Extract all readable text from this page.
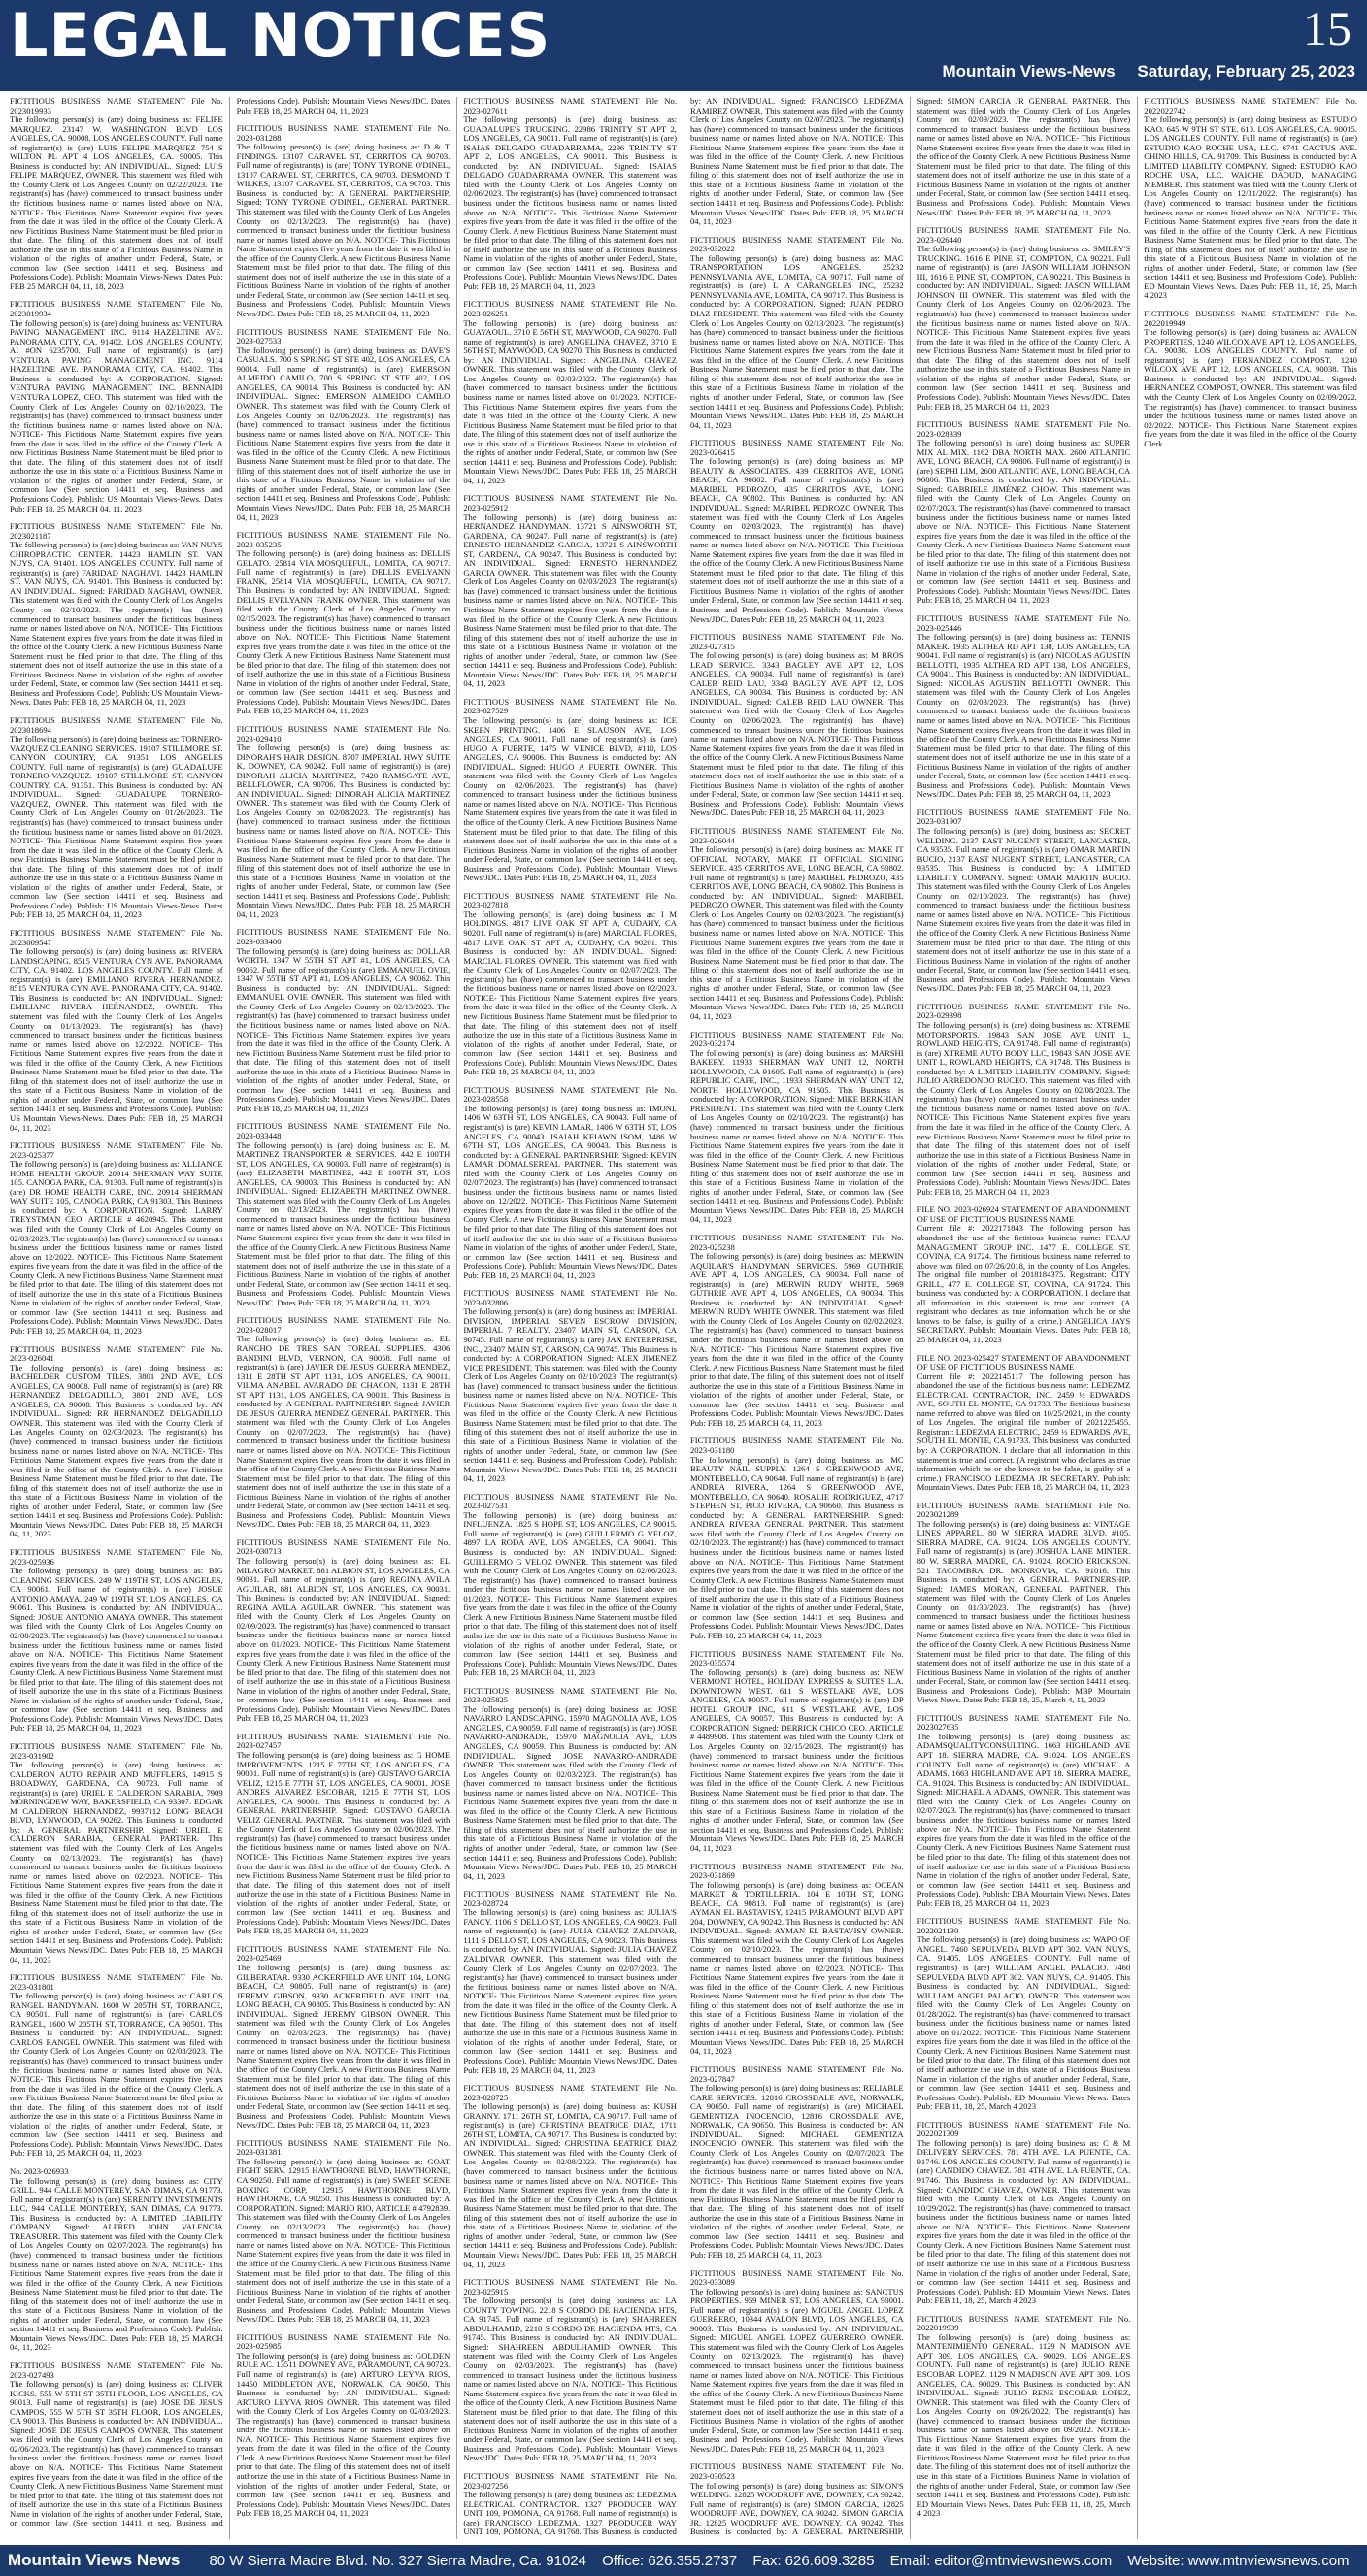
LEGAL NOTICES	15
Mountain Views-News Saturday, February 25, 2023

FICTITIOUS BUSINESS NAME STATEMENT File No. 2023019933

The following person(s) is (are) doing business as: FELIPE MARQUEZ. 23147 W. WASHINGTON BLVD LOS ANGELES, CA. 90008. LOS ANGELES COUNTY. Full name of registrant(s) is (are) LUIS FELIPE MARQUEZ 754 S WILTON PL APT 4 LOS ANGELES, CA. 90005. This Business is conducted by: AN INDIVIDUAL. Signed: LUIS FELIPE MARQUEZ, OWNER. This statement was filed with the County Clerk of Los Angeles County on 02/22/2023. The registrant(s) has (have) commenced to transact business under the fictitious business name or names listed above on N/A. NOTICE- This Fictitious Name Statement expires five years from the date it was filed in the office of the County Clerk. A new Fictitious Business Name Statement must be filed prior to that date. The filing of this statement does not of itself authorize the use in this state of a Fictitious Business Name in violation of the rights of another under Federal, State, or common law (See section 14411 et seq. Business and Professions Code). Publish: Mountain Views-News. Dates Pub: FEB 25 MARCH 04, 11, 18, 2023

FICTITIOUS BUSINESS NAME STATEMENT File No. 2023019934

The following person(s) is (are) doing business as: VENTURA PAVING MANAGEMENT INC. 9114 HAZELTINE AVE. PANORAMA CITY, CA. 91402. LOS ANGELES COUNTY. AI #ON 6235700. Full name of registrant(s) is (are) VENTURA PAVING MANAGEMENT INC. 9114 HAZELTINE AVE. PANORAMA CITY, CA. 91402. This Business is conducted by: A CORPORATION. Signed: VENTURA PAVING MANAGEMENT INC. BENNAIDI VENTURA LOPEZ, CEO. This statement was filed with the County Clerk of Los Angeles County on 02/10/2023. The registrant(s) has (have) commenced to transact business under the fictitious business name or names listed above on N/A. NOTICE- This Fictitious Name Statement expires five years from the date it was filed in the office of the County Clerk. A new Fictitious Business Name Statement must be filed prior to that date. The filing of this statement does not of itself authorize the use in this state of a Fictitious Business Name in violation of the rights of another under Federal, State, or common law (See section 14411 et seq. Business and Professions Code). Publish: US Mountain Views-News. Dates Pub: FEB 18, 25 MARCH 04, 11, 2023

FICTITIOUS BUSINESS NAME STATEMENT File No. 2023021187

The following person(s) is (are) doing business as: VAN NUYS CHIROPRACTIC CENTER. 14423 HAMLIN ST. VAN NUYS, CA. 91401. LOS ANGELES COUNTY. Full name of registrant(s) is (are) FARIDAD NAGHAVI. 14423 HAMLIN ST. VAN NUYS, CA. 91401. This Business is conducted by: AN INDIVIDUAL. Signed: FARIDAD NAGHAVI, OWNER. This statement was filed with the County Clerk of Los Angeles County on 02/10/2023. The registrant(s) has (have) commenced to transact business under the fictitious business name or names listed above on N/A. NOTICE- This Fictitious Name Statement expires five years from the date it was filed in the office of the County Clerk. A new Fictitious Business Name Statement must be filed prior to that date. The filing of this statement does not of itself authorize the use in this state of a Fictitious Business Name in violation of the rights of another under Federal, State, or common law (See section 14411 et seq. Business and Professions Code). Publish: US Mountain Views-News. Dates Pub: FEB 18, 25 MARCH 04, 11, 2023

FICTITIOUS BUSINESS NAME STATEMENT File No. 2023018694

The following person(s) is (are) doing business as: TORNERO-VAZQUEZ CLEANING SERVICES. 19107 STILLMORE ST. CANYON COUNTRY, CA. 91351. LOS ANGELES COUNTY. Full name of registrant(s) is (are) GUADALUPE TORNERO-VAZQUEZ. 19107 STILLMORE ST. CANYON COUNTRY, CA. 91351. This Business is conducted by: AN INDIVIDUAL. Signed: GUADALUPE TORNERO-VAZQUEZ, OWNER. This statement was filed with the County Clerk of Los Angeles County on 01/26/2023. The registrant(s) has (have) commenced to transact business under the fictitious business name or names listed above on 01/2023. NOTICE- This Fictitious Name Statement expires five years from the date it was filed in the office of the County Clerk. A new Fictitious Business Name Statement must be filed prior to that date. The filing of this statement does not of itself authorize the use in this state of a Fictitious Business Name in violation of the rights of another under Federal, State, or common law (See section 14411 et seq. Business and Professions Code). Publish: US Mountain Views-News. Dates Pub: FEB 18, 25 MARCH 04, 11, 2023

FICTITIOUS BUSINESS NAME STATEMENT File No. 2023009547

The following person(s) is (are) doing business as: RIVERA LANDSCAPING. 8515 VENTURA CYN AVE. PANORAMA CITY, CA. 91402. LOS ANGELES COUNTY. Full name of registrant(s) is (are) EMILIANO RIVERA HERNANDEZ. 8515 VENTURA CYN AVE. PANORAMA CITY, CA. 91402. This Business is conducted by: AN INDIVIDUAL. Signed: EMILIANO RIVERA HERNANDEZ, OWNER. This statement was filed with the County Clerk of Los Angeles County on 01/13/2023. The registrant(s) has (have) commenced to transact business under the fictitious business name or names listed above on 12/2022. NOTICE- This Fictitious Name Statement expires five years from the date it was filed in the office of the County Clerk. A new Fictitious Business Name Statement must be filed prior to that date. The filing of this statement does not of itself authorize the use in this state of a Fictitious Business Name in violation of the rights of another under Federal, State, or common law (See section 14411 et seq. Business and Professions Code). Publish: US Mountain Views-News. Dates Pub: FEB 18, 25 MARCH 04, 11, 2023

FICTITIOUS BUSINESS NAME STATEMENT File No. 2023-025377

The following person(s) is (are) doing business as: ALLIANCE HOME HEALTH GROUP. 20914 SHERMAN WAY SUITE 105. CANOGA PARK, CA. 91303. Full name of registrant(s) is (are) DR HOME HEALTH CARE, INC. 20914 SHERMAN WAY SUITE 105, CANOGA PARK, CA 91303. This Business is conducted by: A CORPORATION. Signed: LARRY TREYSTMAN CEO. ARTICLE # 4620945. This statement was filed with the County Clerk of Los Angeles County on 02/03/2023. The registrant(s) has (have) commenced to transact business under the fictitious business name or names listed above on 12/2022. NOTICE- This Fictitious Name Statement expires five years from the date it was filed in the office of the County Clerk. A new Fictitious Business Name Statement must be filed prior to that date. The filing of this statement does not of itself authorize the use in this state of a Fictitious Business Name in violation of the rights of another under Federal, State, or common law (See section 14411 et seq. Business and Professions Code). Publish: Mountain Views News/JDC. Dates Pub: FEB 18, 25 MARCH 04, 11, 2023

FICTITIOUS BUSINESS NAME STATEMENT File No. 2023-026041

The following person(s) is (are) doing business as: BACHELDER CUSTOM TILES. 3801 2ND AVE, LOS ANGELES, CA 90008. Full name of registrant(s) is (are) RR HERNANDEZ DELGADILLO, 3801 2ND AVE, LOS ANGELES, CA 90008. This Business is conducted by: AN INDIVIDUAL. Signed: RR HERNANDEZ DELGADILLO OWNER. This statement was filed with the County Clerk of Los Angeles County on 02/03/2023. The registrant(s) has (have) commenced to transact business under the fictitious business name or names listed above on N/A. NOTICE- This Fictitious Name Statement expires five years from the date it was filed in the office of the County Clerk. A new Fictitious Business Name Statement must be filed prior to that date. The filing of this statement does not of itself authorize the use in this state of a Fictitious Business Name in violation of the rights of another under Federal, State, or common law (See section 14411 et seq. Business and Professions Code). Publish: Mountain Views News/JDC. Dates Pub: FEB 18, 25 MARCH 04, 11, 2023

FICTITIOUS BUSINESS NAME STATEMENT File No. 2023-025936

The following person(s) is (are) doing business as: BIG CLEANING SERVICES. 249 W 119TH ST, LOS ANGELES, CA 90061. Full name of registrant(s) is (are) JOSUE ANTONIO AMAYA, 249 W 119TH ST, LOS ANGELES, CA 90061. This Business is conducted by: AN INDIVIDUAL. Signed: JOSUE ANTONIO AMAYA OWNER. This statement was filed with the County Clerk of Los Angeles County on 02/08/2023. The registrant(s) has (have) commenced to transact business under the fictitious business name or names listed above on N/A. NOTICE- This Fictitious Name Statement expires five years from the date it was filed in the office of the County Clerk. A new Fictitious Business Name Statement must be filed prior to that date. The filing of this statement does not of itself authorize the use in this state of a Fictitious Business Name in violation of the rights of another under Federal, State, or common law (See section 14411 et seq. Business and Professions Code). Publish: Mountain Views News/JDC. Dates Pub: FEB 18, 25 MARCH 04, 11, 2023

FICTITIOUS BUSINESS NAME STATEMENT File No. 2023-031902

The following person(s) is (are) doing business as: CALDERON AUTO REPAIR AND MUFFLERS, 14915 S BROADWAY, GARDENA, CA 90723. Full name of registrant(s) is (are) URIEL E CALDERON SARABIA, 7909 MORNINGDEW WAY, BAKERSFIELD, CA 93307. EDGAR M CALDERON HERNANDEZ, 9937112 LONG BEACH BLVD, LYNWOOD, CA 90262. This Business is conducted by: A GENERAL PARTNERSHIP. Signed: URIEL E CALDERON SARABIA, GENERAL PARTNER. This statement was filed with the County Clerk of Los Angeles County on 02/13/2023. The registrant(s) has (have) commenced to transact business under the fictitious business name or names listed above on 02/2023. NOTICE- This Fictitious Name Statement expires five years from the date it was filed in the office of the County Clerk. A new Fictitious Business Name Statement must be filed prior to that date. The filing of this statement does not of itself authorize the use in this state of a Fictitious Business Name in violation of the rights of another under Federal, State, or common law (See section 14411 et seq. Business and Professions Code). Publish: Mountain Views News/JDC. Dates Pub: FEB 18, 25 MARCH 04, 11, 2023

FICTITIOUS BUSINESS NAME STATEMENT File No. 2023-031801

The following person(s) is (are) doing business as: CARLOS RANGEL HANDYMAN. 1600 W 205TH ST, TORRANCE, CA 90501. Full name of registrant(s) is (are) CARLOS RANGEL, 1600 W 205TH ST, TORRANCE, CA 90501. This Business is conducted by: AN INDIVIDUAL. Signed: CARLOS RANGEL OWNER. This statement was filed with the County Clerk of Los Angeles County on 02/08/2023. The registrant(s) has (have) commenced to transact business under the fictitious business name or names listed above on N/A. NOTICE- This Fictitious Name Statement expires five years from the date it was filed in the office of the County Clerk. A new Fictitious Business Name Statement must be filed prior to that date. The filing of this statement does not of itself authorize the use in this state of a Fictitious Business Name in violation of the rights of another under Federal, State, or common law (See section 14411 et seq. Business and Professions Code). Publish: Mountain Views News/JDC. Dates Pub: FEB 18, 25 MARCH 04, 11, 2023

No. 2023-026933

The following person(s) is (are) doing business as: CITY GRILL. 944 CALLE MONTEREY, SAN DIMAS, CA 91773. Full name of registrant(s) is (are) SERENITY INVESTMENTS LLC, 944 CALLE MONTEREY, SAN DIMAS, CA 91773. This Business is conducted by: A LIMITED LIABILITY COMPANY. Signed: ALFRED JOHN VALENCIA TREASURER. This statement was filed with the County Clerk of Los Angeles County on 02/07/2023. The registrant(s) has (have) commenced to transact business under the fictitious business name or names listed above on N/A. NOTICE- This Fictitious Name Statement expires five years from the date it was filed in the office of the County Clerk. A new Fictitious Business Name Statement must be filed prior to that date. The filing of this statement does not of itself authorize the use in this state of a Fictitious Business Name in violation of the rights of another under Federal, State, or common law (See section 14411 et seq. Business and Professions Code). Publish: Mountain Views News/JDC. Dates Pub: FEB 18, 25 MARCH 04, 11, 2023

FICTITIOUS BUSINESS NAME STATEMENT File No. 2023-027493

The following person(s) is (are) doing business as: CLIVER KICKS. 555 W 5TH ST 35TH FLOOR, LOS ANGELES, CA 90013. Full name of registrant(s) is (are) JOSE DE JESUS CAMPOS, 555 W 5TH ST 35TH FLOOR, LOS ANGELES, CA 90013. This Business is conducted by: AN INDIVIDUAL. Signed: JOSE DE JESUS CAMPOS OWNER. This statement was filed with the County Clerk of Los Angeles County on 02/06/2023. The registrant(s) has (have) commenced to transact business under the fictitious business name or names listed above on N/A. NOTICE- This Fictitious Name Statement expires five years from the date it was filed in the office of the County Clerk. A new Fictitious Business Name Statement must be filed prior to that date. The filing of this statement does not of itself authorize the use in this state of a Fictitious Business Name in violation of the rights of another under Federal, State, or common law (See section 14411 et seq. Business and Professions Code). Publish: Mountain Views News/JDC. Dates Pub: FEB 18, 25 MARCH 04, 11, 2023

FICTITIOUS BUSINESS NAME STATEMENT File No. 2023-031288

The following person(s) is (are) doing business as: D & T FINDINGS. 13107 CARAVEL ST, CERRITOS CA 90703. Full name of registrant(s) is (are) TONY TYRONE O'DINEL, 13107 CARAVEL ST, CERRITOS, CA 90703. DESMOND T WILKES, 13107 CARAVEL ST, CERRITOS, CA 90703. This Business is conducted by: A GENERAL PARTNERSHIP. Signed: TONY TYRONE O'DINEL, GENERAL PARTNER. This statement was filed with the County Clerk of Los Angeles County on 02/13/2023. The registrant(s) has (have) commenced to transact business under the fictitious business name or names listed above on N/A. NOTICE- This Fictitious Name Statement expires five years from the date it was filed in the office of the County Clerk. A new Fictitious Business Name Statement must be filed prior to that date. The filing of this statement does not of itself authorize the use in this state of a Fictitious Business Name in violation of the rights of another under Federal, State, or common law (See section 14411 et seq. Business and Professions Code). Publish: Mountain Views News/JDC. Dates Pub: FEB 18, 25 MARCH 04, 11, 2023

FICTITIOUS BUSINESS NAME STATEMENT File No. 2023-027533

The following person(s) is (are) doing business as: DAVE'S CASUALS. 700 S SPRING ST STE 402, LOS ANGELES, CA 90014. Full name of registrant(s) is (are) EMERSON ALMEIDO CAMILO, 700 S SPRING ST STE 402, LOS ANGELES, CA 90014. This Business is conducted by: AN INDIVIDUAL. Signed: EMERSON ALMEIDO CAMILO OWNER. This statement was filed with the County Clerk of Los Angeles County on 02/06/2023. The registrant(s) has (have) commenced to transact business under the fictitious business name or names listed above on N/A. NOTICE- This Fictitious Name Statement expires five years from the date it was filed in the office of the County Clerk. A new Fictitious Business Name Statement must be filed prior to that date. The filing of this statement does not of itself authorize the use in this state of a Fictitious Business Name in violation of the rights of another under Federal, State, or common law (See section 14411 et seq. Business and Professions Code). Publish: Mountain Views News/JDC. Dates Pub: FEB 18, 25 MARCH 04, 11, 2023

FICTITIOUS BUSINESS NAME STATEMENT File No. 2023-035235

The following person(s) is (are) doing business as: DELLIS GELATO. 25814 VIA MOSQUEFUL, LOMITA, CA 90717. Full name of registrant(s) is (are) DELLIS EVELYANN FRANK, 25814 VIA MOSQUEFUL, LOMITA, CA 90717. This Business is conducted by: AN INDIVIDUAL. Signed: DELLIS EVELYANN FRANK OWNER. This statement was filed with the County Clerk of Los Angeles County on 02/15/2023. The registrant(s) has (have) commenced to transact business under the fictitious business name or names listed above on N/A. NOTICE- This Fictitious Name Statement expires five years from the date it was filed in the office of the County Clerk. A new Fictitious Business Name Statement must be filed prior to that date. The filing of this statement does not of itself authorize the use in this state of a Fictitious Business Name in violation of the rights of another under Federal, State, or common law (See section 14411 et seq. Business and Professions Code). Publish: Mountain Views News/JDC. Dates Pub: FEB 18, 25 MARCH 04, 11, 2023

FICTITIOUS BUSINESS NAME STATEMENT File No. 2023-029410

The following person(s) is (are) doing business as: DINORAH'S HAIR DESIGN. 8707 IMPERIAL HWY SUITE K, DOWNEY, CA 90242. Full name of registrant(s) is (are) DINORAH ALICIA MARTINEZ, 7420 RAMSGATE AVE, BELLFLOWER, CA 90706. This Business is conducted by: AN INDIVIDUAL. Signed: DINORAH ALICIA MARTINEZ OWNER. This statement was filed with the County Clerk of Los Angeles County on 02/08/2023. The registrant(s) has (have) commenced to transact business under the fictitious business name or names listed above on N/A. NOTICE- This Fictitious Name Statement expires five years from the date it was filed in the office of the County Clerk. A new Fictitious Business Name Statement must be filed prior to that date. The filing of this statement does not of itself authorize the use in this state of a Fictitious Business Name in violation of the rights of another under Federal, State, or common law (See section 14411 et seq. Business and Professions Code). Publish: Mountain Views News/JDC. Dates Pub: FEB 18, 25 MARCH 04, 11, 2023

FICTITIOUS BUSINESS NAME STATEMENT File No. 2023-033400

The following person(s) is (are) doing business as: DOLLAR WORTH. 1347 W 55TH ST APT #1, LOS ANGELES, CA 90062. Full name of registrant(s) is (are) EMMANUEL OVIE, 1347 W 55TH ST APT #1, LOS ANGELES, CA 90062. This Business is conducted by: AN INDIVIDUAL. Signed: EMMANUEL OVIE OWNER. This statement was filed with the County Clerk of Los Angeles County on 02/13/2023. The registrant(s) has (have) commenced to transact business under the fictitious business name or names listed above on N/A. NOTICE- This Fictitious Name Statement expires five years from the date it was filed in the office of the County Clerk. A new Fictitious Business Name Statement must be filed prior to that date. The filing of this statement does not of itself authorize the use in this state of a Fictitious Business Name in violation of the rights of another under Federal, State, or common law (See section 14411 et seq. Business and Professions Code). Publish: Mountain Views News/JDC. Dates Pub: FEB 18, 25 MARCH 04, 11, 2023

FICTITIOUS BUSINESS NAME STATEMENT File No. 2023-033448

The following person(s) is (are) doing business as: E. M. MARTINEZ TRANSPORTER & SERVICES. 442 E 100TH ST, LOS ANGELES, CA 90003. Full name of registrant(s) is (are) ELIZABETH MARTINEZ, 442 E 100TH ST, LOS ANGELES, CA 90003. This Business is conducted by: AN INDIVIDUAL. Signed: ELIZABETH MARTINEZ OWNER. This statement was filed with the County Clerk of Los Angeles County on 02/13/2023. The registrant(s) has (have) commenced to transact business under the fictitious business name or names listed above on N/A. NOTICE- This Fictitious Name Statement expires five years from the date it was filed in the office of the County Clerk. A new Fictitious Business Name Statement must be filed prior to that date. The filing of this statement does not of itself authorize the use in this state of a Fictitious Business Name in violation of the rights of another under Federal, State, or common law (See section 14411 et seq. Business and Professions Code). Publish: Mountain Views News/JDC. Dates Pub: FEB 18, 25 MARCH 04, 11, 2023

FICTITIOUS BUSINESS NAME STATEMENT File No. 2023-028017

The following person(s) is (are) doing business as: EL RANCHO DE TRES SAN TOREAL SUPPLIES. 4306 BANDINI BLVD, VERNON, CA 90058. Full name of registrant(s) is (are) JAVIER DE JESUS GUERRA MENDEZ, 1311 E 28TH ST APT 1131, LOS ANGELES, CA 90011. VILMA ANABEL AVARADO DE CHACON, 1131 E 28TH ST APT 1131, LOS ANGELES, CA 90011. This Business is conducted by: A GENERAL PARTNERSHIP. Signed: JAVIER DE JESUS GUERRA MENDEZ GENERAL PARTNER. This statement was filed with the County Clerk of Los Angeles County on 02/07/2023. The registrant(s) has (have) commenced to transact business under the fictitious business name or names listed above on N/A. NOTICE- This Fictitious Name Statement expires five years from the date it was filed in the office of the County Clerk. A new Fictitious Business Name Statement must be filed prior to that date. The filing of this statement does not of itself authorize the use in this state of a Fictitious Business Name in violation of the rights of another under Federal, State, or common law (See section 14411 et seq. Business and Professions Code). Publish: Mountain Views News/JDC. Dates Pub: FEB 18, 25 MARCH 04, 11, 2023

FICTITIOUS BUSINESS NAME STATEMENT File No. 2023-030713

The following person(s) is (are) doing business as: EL MILAGRO MARKET. 881 ALBION ST, LOS ANGELES, CA 90031. Full name of registrant(s) is (are) REGINA AVILA AGUILAR, 881 ALBION ST, LOS ANGELES, CA 90031. This Business is conducted by: AN INDIVIDUAL. Signed: REGINA AVILA AGUILAR OWNER. This statement was filed with the County Clerk of Los Angeles County on 02/09/2023. The registrant(s) has (have) commenced to transact business under the fictitious business name or names listed above on 01/2023. NOTICE- This Fictitious Name Statement expires five years from the date it was filed in the office of the County Clerk. A new Fictitious Business Name Statement must be filed prior to that date. The filing of this statement does not of itself authorize the use in this state of a Fictitious Business Name in violation of the rights of another under Federal, State, or common law (See section 14411 et seq. Business and Professions Code). Publish: Mountain Views News/JDC. Dates Pub: FEB 18, 25 MARCH 04, 11, 2023

FICTITIOUS BUSINESS NAME STATEMENT File No. 2023-027457

The following person(s) is (are) doing business as: G HOME IMPROVEMENTS. 1215 E 77TH ST, LOS ANGELES, CA 90001. Full name of registrant(s) is (are) GUSTAVO GARCIA VELIZ, 1215 E 77TH ST, LOS ANGELES, CA 90001. JOSE ANDRES ALVAREZ ESCOBAR, 1215 E 77TH ST, LOS ANGELES, CA 90001. This Business is conducted by: A GENERAL PARTNERSHIP. Signed: GUSTAVO GARCIA VELIZ GENERAL PARTNER. This statement was filed with the County Clerk of Los Angeles County on 02/06/2023. The registrant(s) has (have) commenced to transact business under the fictitious business name or names listed above on N/A. NOTICE- This Fictitious Name Statement expires five years from the date it was filed in the office of the County Clerk. A new Fictitious Business Name Statement must be filed prior to that date. The filing of this statement does not of itself authorize the use in this state of a Fictitious Business Name in violation of the rights of another under Federal, State, or common law (See section 14411 et seq. Business and Professions Code). Publish: Mountain Views News/JDC. Dates Pub: FEB 18, 25 MARCH 04, 11, 2023

FICTITIOUS BUSINESS NAME STATEMENT File No. 2023-025469

The following person(s) is (are) doing business as: GILBERATAR. 9330 ACKERFIELD AVE UNIT 104, LONG BEACH, CA 90805. Full name of registrant(s) is (are) JEREMY GIBSON, 9330 ACKERFIELD AVE UNIT 104, LONG BEACH, CA 90805. This Business is conducted by: AN INDIVIDUAL. Signed: JEREMY GIBSON OWNER. This statement was filed with the County Clerk of Los Angeles County on 02/03/2023. The registrant(s) has (have) commenced to transact business under the fictitious business name or names listed above on N/A. NOTICE- This Fictitious Name Statement expires five years from the date it was filed in the office of the County Clerk. A new Fictitious Business Name Statement must be filed prior to that date. The filing of this statement does not of itself authorize the use in this state of a Fictitious Business Name in violation of the rights of another under Federal, State, or common law (See section 14411 et seq. Business and Professions Code). Publish: Mountain Views News/JDC. Dates Pub: FEB 18, 25 MARCH 04, 11, 2023

FICTITIOUS BUSINESS NAME STATEMENT File No. 2023-031381

The following person(s) is (are) doing business as: GOAT FIGHT SERV. 12915 HAWTHORNE BLVD, HAWTHORNE, CA 90250. Full name of registrant(s) is (are) SWEET SCENE BOXING CORP, 12915 HAWTHORNE BLVD, HAWTHORNE, CA 90250. This Business is conducted by: A CORPORATION. Signed: MARIO RIO, ARTICLE # 4792839. This statement was filed with the County Clerk of Los Angeles County on 02/13/2023. The registrant(s) has (have) commenced to transact business under the fictitious business name or names listed above on N/A. NOTICE- This Fictitious Name Statement expires five years from the date it was filed in the office of the County Clerk. A new Fictitious Business Name Statement must be filed prior to that date. The filing of this statement does not of itself authorize the use in this state of a Fictitious Business Name in violation of the rights of another under Federal, State, or common law (See section 14411 et seq. Business and Professions Code). Publish: Mountain Views News/JDC. Dates Pub: FEB 18, 25 MARCH 04, 11, 2023

FICTITIOUS BUSINESS NAME STATEMENT File No. 2023-025985

The following person(s) is (are) doing business as: GOLDEN RULE AC. 13511 DOWNEY AVE, PARAMOUNT, CA 90723. Full name of registrant(s) is (are) ARTURO LEYVA RIOS, 14450 MIDDLETON AVE, NORWALK, CA 90650. This Business is conducted by: AN INDIVIDUAL. Signed: ARTURO LEYVA RIOS OWNER. This statement was filed with the County Clerk of Los Angeles County on 02/03/2023. The registrant(s) has (have) commenced to transact business under the fictitious business name or names listed above on N/A. NOTICE- This Fictitious Name Statement expires five years from the date it was filed in the office of the County Clerk. A new Fictitious Business Name Statement must be filed prior to that date. The filing of this statement does not of itself authorize the use in this state of a Fictitious Business Name in violation of the rights of another under Federal, State, or common law (See section 14411 et seq. Business and Professions Code). Publish: Mountain Views News/JDC. Dates Pub: FEB 18, 25 MARCH 04, 11, 2023

FICTITIOUS BUSINESS NAME STATEMENT File No. 2023-027611

The following person(s) is (are) doing business as: GUADALUPE'S TRUCKING. 22986 TRINITY ST APT 2, LOS ANGELES, CA 90011. Full name of registrant(s) is (are) ISAIAS DELGADO GUADARRAMA, 2296 TRINITY ST APT 2, LOS ANGELES, CA 90011. This Business is conducted by: AN INDIVIDUAL. Signed: ISAIAS DELGADO GUADARRAMA OWNER. This statement was filed with the County Clerk of Los Angeles County on 02/06/2023. The registrant(s) has (have) commenced to transact business under the fictitious business name or names listed above on N/A. NOTICE- This Fictitious Name Statement expires five years from the date it was filed in the office of the County Clerk. A new Fictitious Business Name Statement must be filed prior to that date. The filing of this statement does not of itself authorize the use in this state of a Fictitious Business Name in violation of the rights of another under Federal, State, or common law (See section 14411 et seq. Business and Professions Code). Publish: Mountain Views News/JDC. Dates Pub: FEB 18, 25 MARCH 04, 11, 2023

FICTITIOUS BUSINESS NAME STATEMENT File No. 2023-026251

The following person(s) is (are) doing business as: GUAYAOUL. 3710 E 56TH ST, MAYWOOD, CA 90270. Full name of registrant(s) is (are) ANGELINA CHAVEZ, 3710 E 56TH ST, MAYWOOD, CA 90270. This Business is conducted by: AN INDIVIDUAL. Signed: ANGELINA CHAVEZ OWNER. This statement was filed with the County Clerk of Los Angeles County on 02/03/2023. The registrant(s) has (have) commenced to transact business under the fictitious business name or names listed above on 01/2023. NOTICE- This Fictitious Name Statement expires five years from the date it was filed in the office of the County Clerk. A new Fictitious Business Name Statement must be filed prior to that date. The filing of this statement does not of itself authorize the use in this state of a Fictitious Business Name in violation of the rights of another under Federal, State, or common law (See section 14411 et seq. Business and Professions Code). Publish: Mountain Views News/JDC. Dates Pub: FEB 18, 25 MARCH 04, 11, 2023

FICTITIOUS BUSINESS NAME STATEMENT File No. 2023-025912

The following person(s) is (are) doing business as: HERNANDEZ HANDYMAN. 13721 S AINSWORTH ST, GARDENA, CA 90247. Full name of registrant(s) is (are) ERNESTO HERNANDEZ GARCIA, 13721 S AINSWORTH ST, GARDENA, CA 90247. This Business is conducted by: AN INDIVIDUAL. Signed: ERNESTO HERNANDEZ GARCIA OWNER. This statement was filed with the County Clerk of Los Angeles County on 02/03/2023. The registrant(s) has (have) commenced to transact business under the fictitious business name or names listed above on N/A. NOTICE- This Fictitious Name Statement expires five years from the date it was filed in the office of the County Clerk. A new Fictitious Business Name Statement must be filed prior to that date. The filing of this statement does not of itself authorize the use in this state of a Fictitious Business Name in violation of the rights of another under Federal, State, or common law (See section 14411 et seq. Business and Professions Code). Publish: Mountain Views News/JDC. Dates Pub: FEB 18, 25 MARCH 04, 11, 2023

FICTITIOUS BUSINESS NAME STATEMENT File No. 2023-027529

The following person(s) is (are) doing business as: ICE SKEEN PRINTING. 1406 E SLAUSON AVE, LOS ANGELES, CA 90011. Full name of registrant(s) is (are) HUGO A FUERTE, 1475 W VENICE BLVD, #110, LOS ANGELES, CA 90006. This Business is conducted by: AN INDIVIDUAL. Signed: HUGO A FUERTE OWNER. This statement was filed with the County Clerk of Los Angeles County on 02/06/2023. The registrant(s) has (have) commenced to transact business under the fictitious business name or names listed above on N/A. NOTICE- This Fictitious Name Statement expires five years from the date it was filed in the office of the County Clerk. A new Fictitious Business Name Statement must be filed prior to that date. The filing of this statement does not of itself authorize the use in this state of a Fictitious Business Name in violation of the rights of another under Federal, State, or common law (See section 14411 et seq. Business and Professions Code). Publish: Mountain Views News/JDC. Dates Pub: FEB 18, 25 MARCH 04, 11, 2023

FICTITIOUS BUSINESS NAME STATEMENT File No. 2023-027818

The following person(s) is (are) doing business as: I M HOLDINGS. 4817 LIVE OAK ST APT A, CUDAHY, CA 90201. Full name of registrant(s) is (are) MARCIAL FLORES, 4817 LIVE OAK ST APT A, CUDAHY, CA 90201. This Business is conducted by: AN INDIVIDUAL. Signed: MARCIAL FLORES OWNER. This statement was filed with the County Clerk of Los Angeles County on 02/07/2023. The registrant(s) has (have) commenced to transact business under the fictitious business name or names listed above on 02/2023. NOTICE- This Fictitious Name Statement expires five years from the date it was filed in the office of the County Clerk. A new Fictitious Business Name Statement must be filed prior to that date. The filing of this statement does not of itself authorize the use in this state of a Fictitious Business Name in violation of the rights of another under Federal, State, or common law (See section 14411 et seq. Business and Professions Code). Publish: Mountain Views News/JDC. Dates Pub: FEB 18, 25 MARCH 04, 11, 2023

FICTITIOUS BUSINESS NAME STATEMENT File No. 2023-028558

The following person(s) is (are) doing business as: IMONI. 1406 W 63TH ST, LOS ANGELES, CA 90043. Full name of registrant(s) is (are) KEVIN LAMAR, 1406 W 63TH ST, LOS ANGELES, CA 90043. ISAIAH KEIAWN ISOM, 3486 W 67TH ST, LOS ANGELES, CA 90043. This Business is conducted by: A GENERAL PARTNERSHIP. Signed: KEVIN LAMAR DOMALSEREAL PARTNER. This statement was filed with the County Clerk of Los Angeles County on 02/07/2023. The registrant(s) has (have) commenced to transact business under the fictitious business name or names listed above on 12/2022. NOTICE- This Fictitious Name Statement expires five years from the date it was filed in the office of the County Clerk. A new Fictitious Business Name Statement must be filed prior to that date. The filing of this statement does not of itself authorize the use in this state of a Fictitious Business Name in violation of the rights of another under Federal, State, or common law (See section 14411 et seq. Business and Professions Code). Publish: Mountain Views News/JDC. Dates Pub: FEB 18, 25 MARCH 04, 11, 2023

FICTITIOUS BUSINESS NAME STATEMENT File No. 2023-032806

The following person(s) is (are) doing business as: IMPERIAL DIVISION, IMPERIAL SEVEN ESCROW DIVISION, IMPERIAL 7 REALTY. 23407 MAIN ST, CARSON, CA 90745. Full name of registrant(s) is (are) JAX ENTERPRISE, INC., 23407 MAIN ST, CARSON, CA 90745. This Business is conducted by: A CORPORATION. Signed: ALEX JIMENEZ VICE PRESIDENT. This statement was filed with the County Clerk of Los Angeles County on 02/10/2023. The registrant(s) has (have) commenced to transact business under the fictitious business name or names listed above on N/A. NOTICE- This Fictitious Name Statement expires five years from the date it was filed in the office of the County Clerk. A new Fictitious Business Name Statement must be filed prior to that date. The filing of this statement does not of itself authorize the use in this state of a Fictitious Business Name in violation of the rights of another under Federal, State, or common law (See section 14411 et seq. Business and Professions Code). Publish: Mountain Views News/JDC. Dates Pub: FEB 18, 25 MARCH 04, 11, 2023

FICTITIOUS BUSINESS NAME STATEMENT File No. 2023-027531

The following person(s) is (are) doing business as: INFLUENZA. 1825 S HOPE ST, LOS ANGELES, CA 90015. Full name of registrant(s) is (are) GUILLERMO G VELOZ, 4897 LA RODA AVE, LOS ANGELES, CA 90041. This Business is conducted by: AN INDIVIDUAL. Signed: GUILLERMO G VELOZ OWNER. This statement was filed with the County Clerk of Los Angeles County on 02/06/2023. The registrant(s) has (have) commenced to transact business under the fictitious business name or names listed above on 01/2023. NOTICE- This Fictitious Name Statement expires five years from the date it was filed in the office of the County Clerk. A new Fictitious Business Name Statement must be filed prior to that date. The filing of this statement does not of itself authorize the use in this state of a Fictitious Business Name in violation of the rights of another under Federal, State, or common law (See section 14411 et seq. Business and Professions Code). Publish: Mountain Views News/JDC. Dates Pub: FEB 18, 25 MARCH 04, 11, 2023

FICTITIOUS BUSINESS NAME STATEMENT File No. 2023-025825

The following person(s) is (are) doing business as: JOSE NAVARRO LANDSCAPING. 15970 MAGNOLIA AVE, LOS ANGELES, CA 90059. Full name of registrant(s) is (are) JOSE NAVARRO-ANDRADE, 15970 MAGNOLIA AVE, LOS ANGELES, CA 90059. This Business is conducted by: AN INDIVIDUAL. Signed: JOSE NAVARRO-ANDRADE OWNER. This statement was filed with the County Clerk of Los Angeles County on 02/03/2023. The registrant(s) has (have) commenced to transact business under the fictitious business name or names listed above on N/A. NOTICE- This Fictitious Name Statement expires five years from the date it was filed in the office of the County Clerk. A new Fictitious Business Name Statement must be filed prior to that date. The filing of this statement does not of itself authorize the use in this state of a Fictitious Business Name in violation of the rights of another under Federal, State, or common law (See section 14411 et seq. Business and Professions Code). Publish: Mountain Views News/JDC. Dates Pub: FEB 18, 25 MARCH 04, 11, 2023

FICTITIOUS BUSINESS NAME STATEMENT File No. 2023-028724

The following person(s) is (are) doing business as: JULIA'S FANCY. 1106 S DELLO ST, LOS ANGELES, CA 90023. Full name of registrant(s) is (are) JULIA CHAVEZ ZALDIVAR, 1111 S DELLO ST, LOS ANGELES, CA 90023. This Business is conducted by: AN INDIVIDUAL. Signed: JULIA CHAVEZ ZALDIVAR OWNER. This statement was filed with the County Clerk of Los Angeles County on 02/07/2023. The registrant(s) has (have) commenced to transact business under the fictitious business name or names listed above on N/A. NOTICE- This Fictitious Name Statement expires five years from the date it was filed in the office of the County Clerk. A new Fictitious Business Name Statement must be filed prior to that date. The filing of this statement does not of itself authorize the use in this state of a Fictitious Business Name in violation of the rights of another under Federal, State, or common law (See section 14411 et seq. Business and Professions Code). Publish: Mountain Views News/JDC. Dates Pub: FEB 18, 25 MARCH 04, 11, 2023

FICTITIOUS BUSINESS NAME STATEMENT File No. 2023-028725

The following person(s) is (are) doing business as: KUSH GRANNY. 1711 26TH ST, LOMITA, CA 90717. Full name of registrant(s) is (are) CHRISTINA BEATRICE DIAZ, 1711 26TH ST, LOMITA, CA 90717. This Business is conducted by: AN INDIVIDUAL. Signed: CHRISTINA BEATRICE DIAZ OWNER. This statement was filed with the County Clerk of Los Angeles County on 02/08/2023. The registrant(s) has (have) commenced to transact business under the fictitious business name or names listed above on N/A. NOTICE- This Fictitious Name Statement expires five years from the date it was filed in the office of the County Clerk. A new Fictitious Business Name Statement must be filed prior to that date. The filing of this statement does not of itself authorize the use in this state of a Fictitious Business Name in violation of the rights of another under Federal, State, or common law (See section 14411 et seq. Business and Professions Code). Publish: Mountain Views News/JDC. Dates Pub: FEB 18, 25 MARCH 04, 11, 2023

FICTITIOUS BUSINESS NAME STATEMENT File No. 2023-025915

The following person(s) is (are) doing business as: LA COUNTY TOWING. 2218 S CORDO DE HACIENDA HTS, CA 91745. Full name of registrant(s) is (are) SHAHREEN ABDULHAMID, 2218 S CORDO DE HACIENDA HTS, CA 91745. This Business is conducted by: AN INDIVIDUAL. Signed: SHAHREEN ABDULHAMID OWNER. This statement was filed with the County Clerk of Los Angeles County on 02/03/2023. The registrant(s) has (have) commenced to transact business under the fictitious business name or names listed above on N/A. NOTICE- This Fictitious Name Statement expires five years from the date it was filed in the office of the County Clerk. A new Fictitious Business Name Statement must be filed prior to that date. The filing of this statement does not of itself authorize the use in this state of a Fictitious Business Name in violation of the rights of another under Federal, State, or common law (See section 14411 et seq. Business and Professions Code). Publish: Mountain Views News/JDC. Dates Pub: FEB 18, 25 MARCH 04, 11, 2023

FICTITIOUS BUSINESS NAME STATEMENT File No. 2023-027256

The following person(s) is (are) doing business as: LEDEZMA ELECTRICAL CONTRACTOR. 1327 PRODUCER WAY UNIT 109, POMONA, CA 91768. Full name of registrant(s) is (are) FRANCISCO LEDEZMA, 1327 PRODUCER WAY UNIT 109, POMONA, CA 91768. This Business is conducted by: AN INDIVIDUAL. Signed: FRANCISCO LEDEZMA RAMIREZ OWNER. This statement was filed with the County Clerk of Los Angeles County on 02/07/2023. The registrant(s) has (have) commenced to transact business under the fictitious business name or names listed above on N/A. NOTICE- This Fictitious Name Statement expires five years from the date it was filed in the office of the County Clerk. A new Fictitious Business Name Statement must be filed prior to that date. The filing of this statement does not of itself authorize the use in this state of a Fictitious Business Name in violation of the rights of another under Federal, State, or common law (See section 14411 et seq. Business and Professions Code). Publish: Mountain Views News/JDC. Dates Pub: FEB 18, 25 MARCH 04, 11, 2023

FICTITIOUS BUSINESS NAME STATEMENT File No. 2023-032022

The following person(s) is (are) doing business as: MAC TRANSPORTATION LOS ANGELES. 25232 PENNSYLVANIA AVE, LOMITA, CA 90717. Full name of registrant(s) is (are) L A CARANGELES INC, 25232 PENNSYLVANIA AVE, LOMITA, CA 90717. This Business is conducted by: A CORPORATION. Signed: JUAN PEDRO DIAZ PRESIDENT. This statement was filed with the County Clerk of Los Angeles County on 02/13/2023. The registrant(s) has (have) commenced to transact business under the fictitious business name or names listed above on N/A. NOTICE- This Fictitious Name Statement expires five years from the date it was filed in the office of the County Clerk. A new Fictitious Business Name Statement must be filed prior to that date. The filing of this statement does not of itself authorize the use in this state of a Fictitious Business Name in violation of the rights of another under Federal, State, or common law (See section 14411 et seq. Business and Professions Code). Publish: Mountain Views News/JDC. Dates Pub: FEB 18, 25 MARCH 04, 11, 2023

FICTITIOUS BUSINESS NAME STATEMENT File No. 2023-026415

The following person(s) is (are) doing business as: MP BEAUTY & ASSOCIATES. 439 CERRITOS AVE, LONG BEACH, CA 90802. Full name of registrant(s) is (are) MARIBEL PEDROZO, 435 CERRITOS AVE, LONG BEACH, CA 90802. This Business is conducted by: AN INDIVIDUAL. Signed: MARIBEL PEDROZO OWNER. This statement was filed with the County Clerk of Los Angeles County on 02/03/2023. The registrant(s) has (have) commenced to transact business under the fictitious business name or names listed above on N/A. NOTICE- This Fictitious Name Statement expires five years from the date it was filed in the office of the County Clerk. A new Fictitious Business Name Statement must be filed prior to that date. The filing of this statement does not of itself authorize the use in this state of a Fictitious Business Name in violation of the rights of another under Federal, State, or common law (See section 14411 et seq. Business and Professions Code). Publish: Mountain Views News/JDC. Dates Pub: FEB 18, 25 MARCH 04, 11, 2023

FICTITIOUS BUSINESS NAME STATEMENT File No. 2023-027315

The following person(s) is (are) doing business as: M BROS LEAD SERVICE. 3343 BAGLEY AVE APT 12, LOS ANGELES, CA 90034. Full name of registrant(s) is (are) CALEB REID LAU, 3343 BAGLEY AVE APT 12, LOS ANGELES, CA 90034. This Business is conducted by: AN INDIVIDUAL. Signed: CALEB REID LAU OWNER. This statement was filed with the County Clerk of Los Angeles County on 02/06/2023. The registrant(s) has (have) commenced to transact business under the fictitious business name or names listed above on N/A. NOTICE- This Fictitious Name Statement expires five years from the date it was filed in the office of the County Clerk. A new Fictitious Business Name Statement must be filed prior to that date. The filing of this statement does not of itself authorize the use in this state of a Fictitious Business Name in violation of the rights of another under Federal, State, or common law (See section 14411 et seq. Business and Professions Code). Publish: Mountain Views News/JDC. Dates Pub: FEB 18, 25 MARCH 04, 11, 2023

FICTITIOUS BUSINESS NAME STATEMENT File No. 2023-026044

The following person(s) is (are) doing business as: MAKE IT OFFICIAL NOTARY, MAKE IT OFFICIAL SIGNING SERVICE. 435 CERRITOS AVE, LONG BEACH, CA 90802. Full name of registrant(s) is (are) MARIBEL PEDROZO, 435 CERRITOS AVE, LONG BEACH, CA 90802. This Business is conducted by: AN INDIVIDUAL. Signed: MARIBEL PEDROZO OWNER. This statement was filed with the County Clerk of Los Angeles County on 02/03/2023. The registrant(s) has (have) commenced to transact business under the fictitious business name or names listed above on N/A. NOTICE- This Fictitious Name Statement expires five years from the date it was filed in the office of the County Clerk. A new Fictitious Business Name Statement must be filed prior to that date. The filing of this statement does not of itself authorize the use in this state of a Fictitious Business Name in violation of the rights of another under Federal, State, or common law (See section 14411 et seq. Business and Professions Code). Publish: Mountain Views News/JDC. Dates Pub: FEB 18, 25 MARCH 04, 11, 2023

FICTITIOUS BUSINESS NAME STATEMENT File No. 2023-032174

The following person(s) is (are) doing business as: MARSHI BAKERY. 11933 SHERMAN WAY UNIT 12, NORTH HOLLYWOOD, CA 91605. Full name of registrant(s) is (are) REPUBLIC CAFE, INC., 11933 SHERMAN WAY UNIT 12, NORTH HOLLYWOOD, CA 91605. This Business is conducted by: A CORPORATION. Signed: MIKE BERKHIAN PRESIDENT. This statement was filed with the County Clerk of Los Angeles County on 02/10/2023. The registrant(s) has (have) commenced to transact business under the fictitious business name or names listed above on N/A. NOTICE- This Fictitious Name Statement expires five years from the date it was filed in the office of the County Clerk. A new Fictitious Business Name Statement must be filed prior to that date. The filing of this statement does not of itself authorize the use in this state of a Fictitious Business Name in violation of the rights of another under Federal, State, or common law (See section 14411 et seq. Business and Professions Code). Publish: Mountain Views News/JDC. Dates Pub: FEB 18, 25 MARCH 04, 11, 2023

FICTITIOUS BUSINESS NAME STATEMENT File No. 2023-025238

The following person(s) is (are) doing business as: MERWIN AQUILAR'S HANDYMAN SERVICES. 5969 GUTHRIE AVE APT 4, LOS ANGELES, CA 90034. Full name of registrant(s) is (are) MERWIN RUDY WHITE, 5969 GUTHRIE AVE APT 4, LOS ANGELES, CA 90034. This Business is conducted by: AN INDIVIDUAL. Signed: MERWIN RUDY WHITE OWNER. This statement was filed with the County Clerk of Los Angeles County on 02/02/2023. The registrant(s) has (have) commenced to transact business under the fictitious business name or names listed above on N/A. NOTICE- This Fictitious Name Statement expires five years from the date it was filed in the office of the County Clerk. A new Fictitious Business Name Statement must be filed prior to that date. The filing of this statement does not of itself authorize the use in this state of a Fictitious Business Name in violation of the rights of another under Federal, State, or common law (See section 14411 et seq. Business and Professions Code). Publish: Mountain Views News/JDC. Dates Pub: FEB 18, 25 MARCH 04, 11, 2023

FICTITIOUS BUSINESS NAME STATEMENT File No. 2023-031180

The following person(s) is (are) doing business as: MC BEAUTY NAIL SUPPLY. 1264 S GREENWOOD AVE, MONTEBELLO, CA 90640. Full name of registrant(s) is (are) ANDREA RIVERA, 1264 S GREENWOOD AVE, MONTEBELLO, CA 90640. ROSALIE RODRIGUEZ, 4717 STEPHEN ST, PICO RIVERA, CA 90660. This Business is conducted by: A GENERAL PARTNERSHIP. Signed: ANDREA RIVERA GENERAL PARTNER. This statement was filed with the County Clerk of Los Angeles County on 02/10/2023. The registrant(s) has (have) commenced to transact business under the fictitious business name or names listed above on N/A. NOTICE- This Fictitious Name Statement expires five years from the date it was filed in the office of the County Clerk. A new Fictitious Business Name Statement must be filed prior to that date. The filing of this statement does not of itself authorize the use in this state of a Fictitious Business Name in violation of the rights of another under Federal, State, or common law (See section 14411 et seq. Business and Professions Code). Publish: Mountain Views News/JDC. Dates Pub: FEB 18, 25 MARCH 04, 11, 2023

FICTITIOUS BUSINESS NAME STATEMENT File No. 2023-035574

The following person(s) is (are) doing business as: NEW VERMONT HOTEL, HOLIDAY EXPRESS & SUITES L.A. DOWNTOWN WEST. 611 S WESTLAKE AVE, LOS ANGELES, CA 90057. Full name of registrant(s) is (are) DP HOTEL GROUP INC, 611 S WESTLAKE AVE, LOS ANGELES, CA 90057. This Business is conducted by: A CORPORATION. Signed: DERRICK CHICO CEO. ARTICLE # 4489908. This statement was filed with the County Clerk of Los Angeles County on 02/15/2023. The registrant(s) has (have) commenced to transact business under the fictitious business name or names listed above on N/A. NOTICE- This Fictitious Name Statement expires five years from the date it was filed in the office of the County Clerk. A new Fictitious Business Name Statement must be filed prior to that date. The filing of this statement does not of itself authorize the use in this state of a Fictitious Business Name in violation of the rights of another under Federal, State, or common law (See section 14411 et seq. Business and Professions Code). Publish: Mountain Views News/JDC. Dates Pub: FEB 18, 25 MARCH 04, 11, 2023

FICTITIOUS BUSINESS NAME STATEMENT File No. 2023-031869

The following person(s) is (are) doing business as: OCEAN MARKET & TORTILLERIA. 104 E 10TH ST, LONG BEACH, CA 90813. Full name of registrant(s) is (are) AYMAN EL BASTAVISY, 12415 PARAMOUNT BLVD APT 204, DOWNEY, CA 90242. This Business is conducted by: AN INDIVIDUAL. Signed: AYMAN EL BASTAVISY OWNER. This statement was filed with the County Clerk of Los Angeles County on 02/10/2023. The registrant(s) has (have) commenced to transact business under the fictitious business name or names listed above on 02/2023. NOTICE- This Fictitious Name Statement expires five years from the date it was filed in the office of the County Clerk. A new Fictitious Business Name Statement must be filed prior to that date. The filing of this statement does not of itself authorize the use in this state of a Fictitious Business Name in violation of the rights of another under Federal, State, or common law (See section 14411 et seq. Business and Professions Code). Publish: Mountain Views News/JDC. Dates Pub: FEB 18, 25 MARCH 04, 11, 2023

FICTITIOUS BUSINESS NAME STATEMENT File No. 2023-027847

The following person(s) is (are) doing business as: RELIABLE CARE SERVICES. 12816 CROSSDALE AVE, NORWALK, CA 90650. Full name of registrant(s) is (are) MICHAEL GEMENTIZA INOCENCIO, 12816 CROSSDALE AVE, NORWALK, CA 90650. This Business is conducted by: AN INDIVIDUAL. Signed: MICHAEL GEMENTIZA INOCENCIO OWNER. This statement was filed with the County Clerk of Los Angeles County on 02/07/2023. The registrant(s) has (have) commenced to transact business under the fictitious business name or names listed above on N/A. NOTICE- This Fictitious Name Statement expires five years from the date it was filed in the office of the County Clerk. A new Fictitious Business Name Statement must be filed prior to that date. The filing of this statement does not of itself authorize the use in this state of a Fictitious Business Name in violation of the rights of another under Federal, State, or common law (See section 14411 et seq. Business and Professions Code). Publish: Mountain Views News/JDC. Dates Pub: FEB 18, 25 MARCH 04, 11, 2023

FICTITIOUS BUSINESS NAME STATEMENT File No. 2023-033089

The following person(s) is (are) doing business as: SANCTUS PROPERTIES. 959 MINER ST, LOS ANGELES, CA 90001. Full name of registrant(s) is (are) MIGUEL ANGEL LOPEZ GUERRERO, 10344 AVALON BLVD, LOS ANGELES, CA 90003. This Business is conducted by: AN INDIVIDUAL. Signed: MIGUEL ANGEL LOPEZ GUERRERO OWNER. This statement was filed with the County Clerk of Los Angeles County on 02/13/2023. The registrant(s) has (have) commenced to transact business under the fictitious business name or names listed above on N/A. NOTICE- This Fictitious Name Statement expires five years from the date it was filed in the office of the County Clerk. A new Fictitious Business Name Statement must be filed prior to that date. The filing of this statement does not of itself authorize the use in this state of a Fictitious Business Name in violation of the rights of another under Federal, State, or common law (See section 14411 et seq. Business and Professions Code). Publish: Mountain Views News/JDC. Dates Pub: FEB 18, 25 MARCH 04, 11, 2023

FICTITIOUS BUSINESS NAME STATEMENT File No. 2023-030523

The following person(s) is (are) doing business as: SIMON'S WELDING. 12825 WOODRUFF AVE, DOWNEY, CA 90242. Full name of registrant(s) is (are) SIMON GARCIA, 12825 WOODRUFF AVE, DOWNEY, CA 90242. SIMON GARCIA JR, 12825 WOODRUFF AVE, DOWNEY, CA 90242. This Business is conducted by: A GENERAL PARTNERSHIP. Signed: SIMON GARCIA JR GENERAL PARTNER. This statement was filed with the County Clerk of Los Angeles County on 02/09/2023. The registrant(s) has (have) commenced to transact business under the fictitious business name or names listed above on N/A. NOTICE- This Fictitious Name Statement expires five years from the date it was filed in the office of the County Clerk. A new Fictitious Business Name Statement must be filed prior to that date. The filing of this statement does not of itself authorize the use in this state of a Fictitious Business Name in violation of the rights of another under Federal, State, or common law (See section 14411 et seq. Business and Professions Code). Publish: Mountain Views News/JDC. Dates Pub: FEB 18, 25 MARCH 04, 11, 2023

FICTITIOUS BUSINESS NAME STATEMENT File No. 2023-026440

The following person(s) is (are) doing business as: SMILEY'S TRUCKING. 1616 E PINE ST, COMPTON, CA 90221. Full name of registrant(s) is (are) JASON WILLIAM JOHNSON III, 1616 E PINE ST, COMPTON, CA 90221. This Business is conducted by: AN INDIVIDUAL. Signed: JASON WILLIAM JOHNSON III OWNER. This statement was filed with the County Clerk of Los Angeles County on 02/06/2023. The registrant(s) has (have) commenced to transact business under the fictitious business name or names listed above on N/A. NOTICE- This Fictitious Name Statement expires five years from the date it was filed in the office of the County Clerk. A new Fictitious Business Name Statement must be filed prior to that date. The filing of this statement does not of itself authorize the use in this state of a Fictitious Business Name in violation of the rights of another under Federal, State, or common law (See section 14411 et seq. Business and Professions Code). Publish: Mountain Views News/JDC. Dates Pub: FEB 18, 25 MARCH 04, 11, 2023

FICTITIOUS BUSINESS NAME STATEMENT File No. 2023-028339

The following person(s) is (are) doing business as: SUPER MIX AL MIX. 1162 DBA NORTH MAX. 2600 ATLANTIC AVE, LONG BEACH, CA 90806. Full name of registrant(s) is (are) SEPHI LIM, 2600 ATLANTIC AVE, LONG BEACH, CA 90806. This Business is conducted by: AN INDIVIDUAL. Signed: GABRIELE JIMÉNEZ CHOW. This statement was filed with the County Clerk of Los Angeles County on 02/07/2023. The registrant(s) has (have) commenced to transact business under the fictitious business name or names listed above on N/A. NOTICE- This Fictitious Name Statement expires five years from the date it was filed in the office of the County Clerk. A new Fictitious Business Name Statement must be filed prior to that date. The filing of this statement does not of itself authorize the use in this state of a Fictitious Business Name in violation of the rights of another under Federal, State, or common law (See section 14411 et seq. Business and Professions Code). Publish: Mountain Views News/JDC. Dates Pub: FEB 18, 25 MARCH 04, 11, 2023

FICTITIOUS BUSINESS NAME STATEMENT File No. 2023-025446

The following person(s) is (are) doing business as: TENNIS MAKER. 1935 ALTHEA RD APT 138, LOS ANGELES, CA 90041. Full name of registrant(s) is (are) NICOLAS AGUSTIN BELLOTTI, 1935 ALTHEA RD APT 138, LOS ANGELES, CA 90041. This Business is conducted by: AN INDIVIDUAL. Signed: NICOLAS AGUSTIN BELLOTTI OWNER. This statement was filed with the County Clerk of Los Angeles County on 02/03/2023. The registrant(s) has (have) commenced to transact business under the fictitious business name or names listed above on N/A. NOTICE- This Fictitious Name Statement expires five years from the date it was filed in the office of the County Clerk. A new Fictitious Business Name Statement must be filed prior to that date. The filing of this statement does not of itself authorize the use in this state of a Fictitious Business Name in violation of the rights of another under Federal, State, or common law (See section 14411 et seq. Business and Professions Code). Publish: Mountain Views News/JDC. Dates Pub: FEB 18, 25 MARCH 04, 11, 2023

FICTITIOUS BUSINESS NAME STATEMENT File No. 2023-031907

The following person(s) is (are) doing business as: SECRET WELDING. 2137 EAST NUGENT STREET, LANCASTER, CA 93535. Full name of registrant(s) is (are) OMAR MARTIN BUCIO, 2137 EAST NUGENT STREET, LANCASTER, CA 93535. This Business is conducted by: A LIMITED LIABILITY COMPANY. Signed: OMAR MARTIN BUCIO. This statement was filed with the County Clerk of Los Angeles County on 02/10/2023. The registrant(s) has (have) commenced to transact business under the fictitious business name or names listed above on N/A. NOTICE- This Fictitious Name Statement expires five years from the date it was filed in the office of the County Clerk. A new Fictitious Business Name Statement must be filed prior to that date. The filing of this statement does not of itself authorize the use in this state of a Fictitious Business Name in violation of the rights of another under Federal, State, or common law (See section 14411 et seq. Business and Professions Code). Publish: Mountain Views News/JDC. Dates Pub: FEB 18, 25 MARCH 04, 11, 2023

FICTITIOUS BUSINESS NAME STATEMENT File No. 2023-029398

The following person(s) is (are) doing business as: XTREME MOTORSPORTS. 19843 SAN JOSE AVE UNIT L, ROWLAND HEIGHTS, CA 91748. Full name of registrant(s) is (are) XTREME AUTO BODY LLC, 19843 SAN JOSE AVE UNIT L, ROWLAND HEIGHTS, CA 91748. This Business is conducted by: A LIMITED LIABILITY COMPANY. Signed: JULIO ARREDONDO RUCEO. This statement was filed with the County Clerk of Los Angeles County on 02/08/2023. The registrant(s) has (have) commenced to transact business under the fictitious business name or names listed above on N/A. NOTICE- This Fictitious Name Statement expires five years from the date it was filed in the office of the County Clerk. A new Fictitious Business Name Statement must be filed prior to that date. The filing of this statement does not of itself authorize the use in this state of a Fictitious Business Name in violation of the rights of another under Federal, State, or common law (See section 14411 et seq. Business and Professions Code). Publish: Mountain Views News/JDC. Dates Pub: FEB 18, 25 MARCH 04, 11, 2023

FILE NO. 2023-026924 STATEMENT OF ABANDONMENT OF USE OF FICTITIOUS BUSINESS NAME

Current file #: 2022171843 The following person has abandoned the use of the fictitious business name: FEAAJ MANAGEMENT GROUP INC. 1477 E. COLLEGE ST. COVINA, CA 91724. The fictitious business name referred to above was filed on 07/26/2018, in the county of Los Angeles. The original file number of 2018184375. Registrant: CITY GRILL, 477 E. COLLEGE ST, COVINA, CA 91724. This business was conducted by: A CORPORATION. I declare that all information in this statement is true and correct. (A registrant who declares as true information which he or she knows to be false, is guilty of a crime.) ANGELICA JAYS SECRETARY. Publish: Mountain Views. Dates Pub: FEB 18, 25 MARCH 04, 11, 2023

FILE NO. 2023-025427 STATEMENT OF ABANDONMENT OF USE OF FICTITIOUS BUSINESS NAME

Current file #: 2022145117 The following person has abandoned the use of the fictitious business name: LEDEZMZ ELECTRICAL CONTRACTOR, INC. 2459 ½ EDWARDS AVE, SOUTH EL MONTE, CA 91733. The fictitious business name referred to above was filed on 10/25/2021, in the county of Los Angeles. The original file number of 2021225455. Registrant: LEDEZMA ELECTRIC, 2459 ½ EDWARDS AVE, SOUTH EL MONTE, CA 91733. This business was conducted by: A CORPORATION. I declare that all information in this statement is true and correct. (A registrant who declares as true information which he or she knows to be false, is guilty of a crime.) FRANCISCO LEDEZMA JR SECRETARY. Publish: Mountain Views. Dates Pub: FEB 18, 25 MARCH 04, 11, 2023

FICTITIOUS BUSINESS NAME STATEMENT File No. 2023021289

The following person(s) is (are) doing business as: VINTAGE LINES APPAREL. 80 W SIERRA MADRE BLVD. #105. SIERRA MADRE, CA. 91024. LOS ANGELES COUNTY. Full name of registrant(s) is (are) JOSHUA LANE MINTER. 80 W. SIERRA MADRE, CA. 91024. ROCIO ERICKSON. 521 TACOMBRA DR. MONROVIA, CA. 91016. This Business is conducted by: A GENERAL PARTNERSHIP. Signed: JAMES MORAN, GENERAL PARTNER. This statement was filed with the County Clerk of Los Angeles County on 01/30/2023. The registrant(s) has (have) commenced to transact business under the fictitious business name or names listed above on N/A. NOTICE- This Fictitious Name Statement expires five years from the date it was filed in the office of the County Clerk. A new Fictitious Business Name Statement must be filed prior to that date. The filing of this statement does not of itself authorize the use in this state of a Fictitious Business Name in violation of the rights of another under Federal, State, or common law (See section 14411 et seq. Business and Professions Code). Publish: MBP Mountain Views News. Dates Pub: FEB 18, 25, March 4, 11, 2023

FICTITIOUS BUSINESS NAME STATEMENT File No. 2023027635

The following person(s) is (are) doing business as: ADAMSQUALITYCONSULTING. 1663 HIGHLAND AVE APT 18. SIERRA MADRE, CA. 91024. LOS ANGELES COUNTY. Full name of registrant(s) is (are) MICHAEL A ADAMS. 1663 HIGHLAND AVE APT 18. SIERRA MADRE, CA. 91024. This Business is conducted by: AN INDIVIDUAL. Signed: MICHAEL A ADAMS, OWNER. This statement was filed with the County Clerk of Los Angeles County on 02/07/2023. The registrant(s) has (have) commenced to transact business under the fictitious business name or names listed above on N/A. NOTICE- This Fictitious Name Statement expires five years from the date it was filed in the office of the County Clerk. A new Fictitious Business Name Statement must be filed prior to that date. The filing of this statement does not of itself authorize the use in this state of a Fictitious Business Name in violation of the rights of another under Federal, State, or common law (See section 14411 et seq. Business and Professions Code). Publish: DBA Mountain Views News. Dates Pub: FEB 18, 25 MARCH 04, 11, 2023

FICTITIOUS BUSINESS NAME STATEMENT File No. 2022021130

The following person(s) is (are) doing business as: WAPO OF ANGEL. 7460 SEPULVEDA BLVD APT 302. VAN NUYS, CA. 91405. LOS ANGELES COUNTY. Full name of registrant(s) is (are) WILLIAM ANGEL PALACIO. 7460 SEPULVEDA BLVD APT 302. VAN NUYS, CA. 91405. This Business is conducted by: AN INDIVIDUAL. Signed: WILLIAM ANGEL PALACIO, OWNER. This statement was filed with the County Clerk of Los Angeles County on 01/28/2022. The registrant(s) has (have) commenced to transact business under the fictitious business name or names listed above on 01/2022. NOTICE- This Fictitious Name Statement expires five years from the date it was filed in the office of the County Clerk. A new Fictitious Business Name Statement must be filed prior to that date. The filing of this statement does not of itself authorize the use in this state of a Fictitious Business Name in violation of the rights of another under Federal, State, or common law (See section 14411 et seq. Business and Professions Code). Publish: ED Mountain Views News. Dates Pub: FEB 11, 18, 25, March 4 2023

FICTITIOUS BUSINESS NAME STATEMENT File No. 2022021309

The following person(s) is (are) doing business as: C & M DELIVERY SERVICES. 781 4TH AVE. LA PUENTE, CA. 91746. LOS ANGELES COUNTY. Full name of registrant(s) is (are) CANDIDO CHAVEZ. 781 4TH AVE. LA PUENTE, CA. 91746. This Business is conducted by: AN INDIVIDUAL. Signed: CANDIDO CHAVEZ, OWNER. This statement was filed with the County Clerk of Los Angeles County on 10/29/2022. The registrant(s) has (have) commenced to transact business under the fictitious business name or names listed above on N/A. NOTICE- This Fictitious Name Statement expires five years from the date it was filed in the office of the County Clerk. A new Fictitious Business Name Statement must be filed prior to that date. The filing of this statement does not of itself authorize the use in this state of a Fictitious Business Name in violation of the rights of another under Federal, State, or common law (See section 14411 et seq. Business and Professions Code). Publish: ED Mountain Views News. Dates Pub: FEB 11, 18, 25, March 4 2023

FICTITIOUS BUSINESS NAME STATEMENT File No. 2022019939

The following person(s) is (are) doing business as: MANTENIMIENTO GENERAL. 1129 N MADISON AVE APT 309. LOS ANGELES, CA. 90029. LOS ANGELES COUNTY. Full name of registrant(s) is (are) JULIO RENE ESCOBAR LOPEZ. 1129 N MADISON AVE APT 309. LOS ANGELES, CA. 90029. This Business is conducted by: AN INDIVIDUAL. Signed: JULIO RENE ESCOBAR LOPEZ, OWNER. This statement was filed with the County Clerk of Los Angeles County on 09/26/2022. The registrant(s) has (have) commenced to transact business under the fictitious business name or names listed above on 09/2022. NOTICE- This Fictitious Name Statement expires five years from the date it was filed in the office of the County Clerk. A new Fictitious Business Name Statement must be filed prior to that date. The filing of this statement does not of itself authorize the use in this state of a Fictitious Business Name in violation of the rights of another under Federal, State, or common law (See section 14411 et seq. Business and Professions Code). Publish: ED Mountain Views News. Dates Pub: FEB 11, 18, 25, March 4 2023

FICTITIOUS BUSINESS NAME STATEMENT File No. 2022022742

The following person(s) is (are) doing business as: ESTUDIO KAO. 645 W 9TH ST STE. 610. LOS ANGELES, CA. 90015. LOS ANGELES COUNTY. Full name of registrant(s) is (are) ESTUDIO KAO ROCHE USA, LLC. 6741 CACTUS AVE. CHINO HILLS, CA. 91709. This Business is conducted by: A LIMITED LIABILITY COMPANY. Signed: ESTUDIO KAO ROCHE USA, LLC. WAICHE DAOUD, MANAGING MEMBER. This statement was filed with the County Clerk of Los Angeles County on 12/31/2022. The registrant(s) has (have) commenced to transact business under the fictitious business name or names listed above on N/A. NOTICE- This Fictitious Name Statement expires five years from the date it was filed in the office of the County Clerk. A new Fictitious Business Name Statement must be filed prior to that date. The filing of this statement does not of itself authorize the use in this state of a Fictitious Business Name in violation of the rights of another under Federal, State, or common law (See section 14411 et seq. Business and Professions Code). Publish: ED Mountain Views News. Dates Pub: FEB 11, 18, 25, March 4 2023

FICTITIOUS BUSINESS NAME STATEMENT File No. 2022019949

The following person(s) is (are) doing business as: AVALON PROPERTIES. 1240 WILCOX AVE APT 12. LOS ANGELES, CA. 90038. LOS ANGELES COUNTY. Full name of registrant(s) is (are) FERNANDEZ COMPOST. 1240 WILCOX AVE APT 12. LOS ANGELES, CA. 90038. This Business is conducted by: AN INDIVIDUAL. Signed: HERNANDEZ COMPOST, OWNER. This statement was filed with the County Clerk of Los Angeles County on 02/09/2022. The registrant(s) has (have) commenced to transact business under the fictitious business name or names listed above on 02/2022. NOTICE- This Fictitious Name Statement expires five years from the date it was filed in the office of the County Clerk.

Mountain Views News 80 W Sierra Madre Blvd. No. 327 Sierra Madre, Ca. 91024 Office: 626.355.2737 Fax: 626.609.3285 Email: editor@mtnviewsnews.com Website: www.mtnviewsnews.com
